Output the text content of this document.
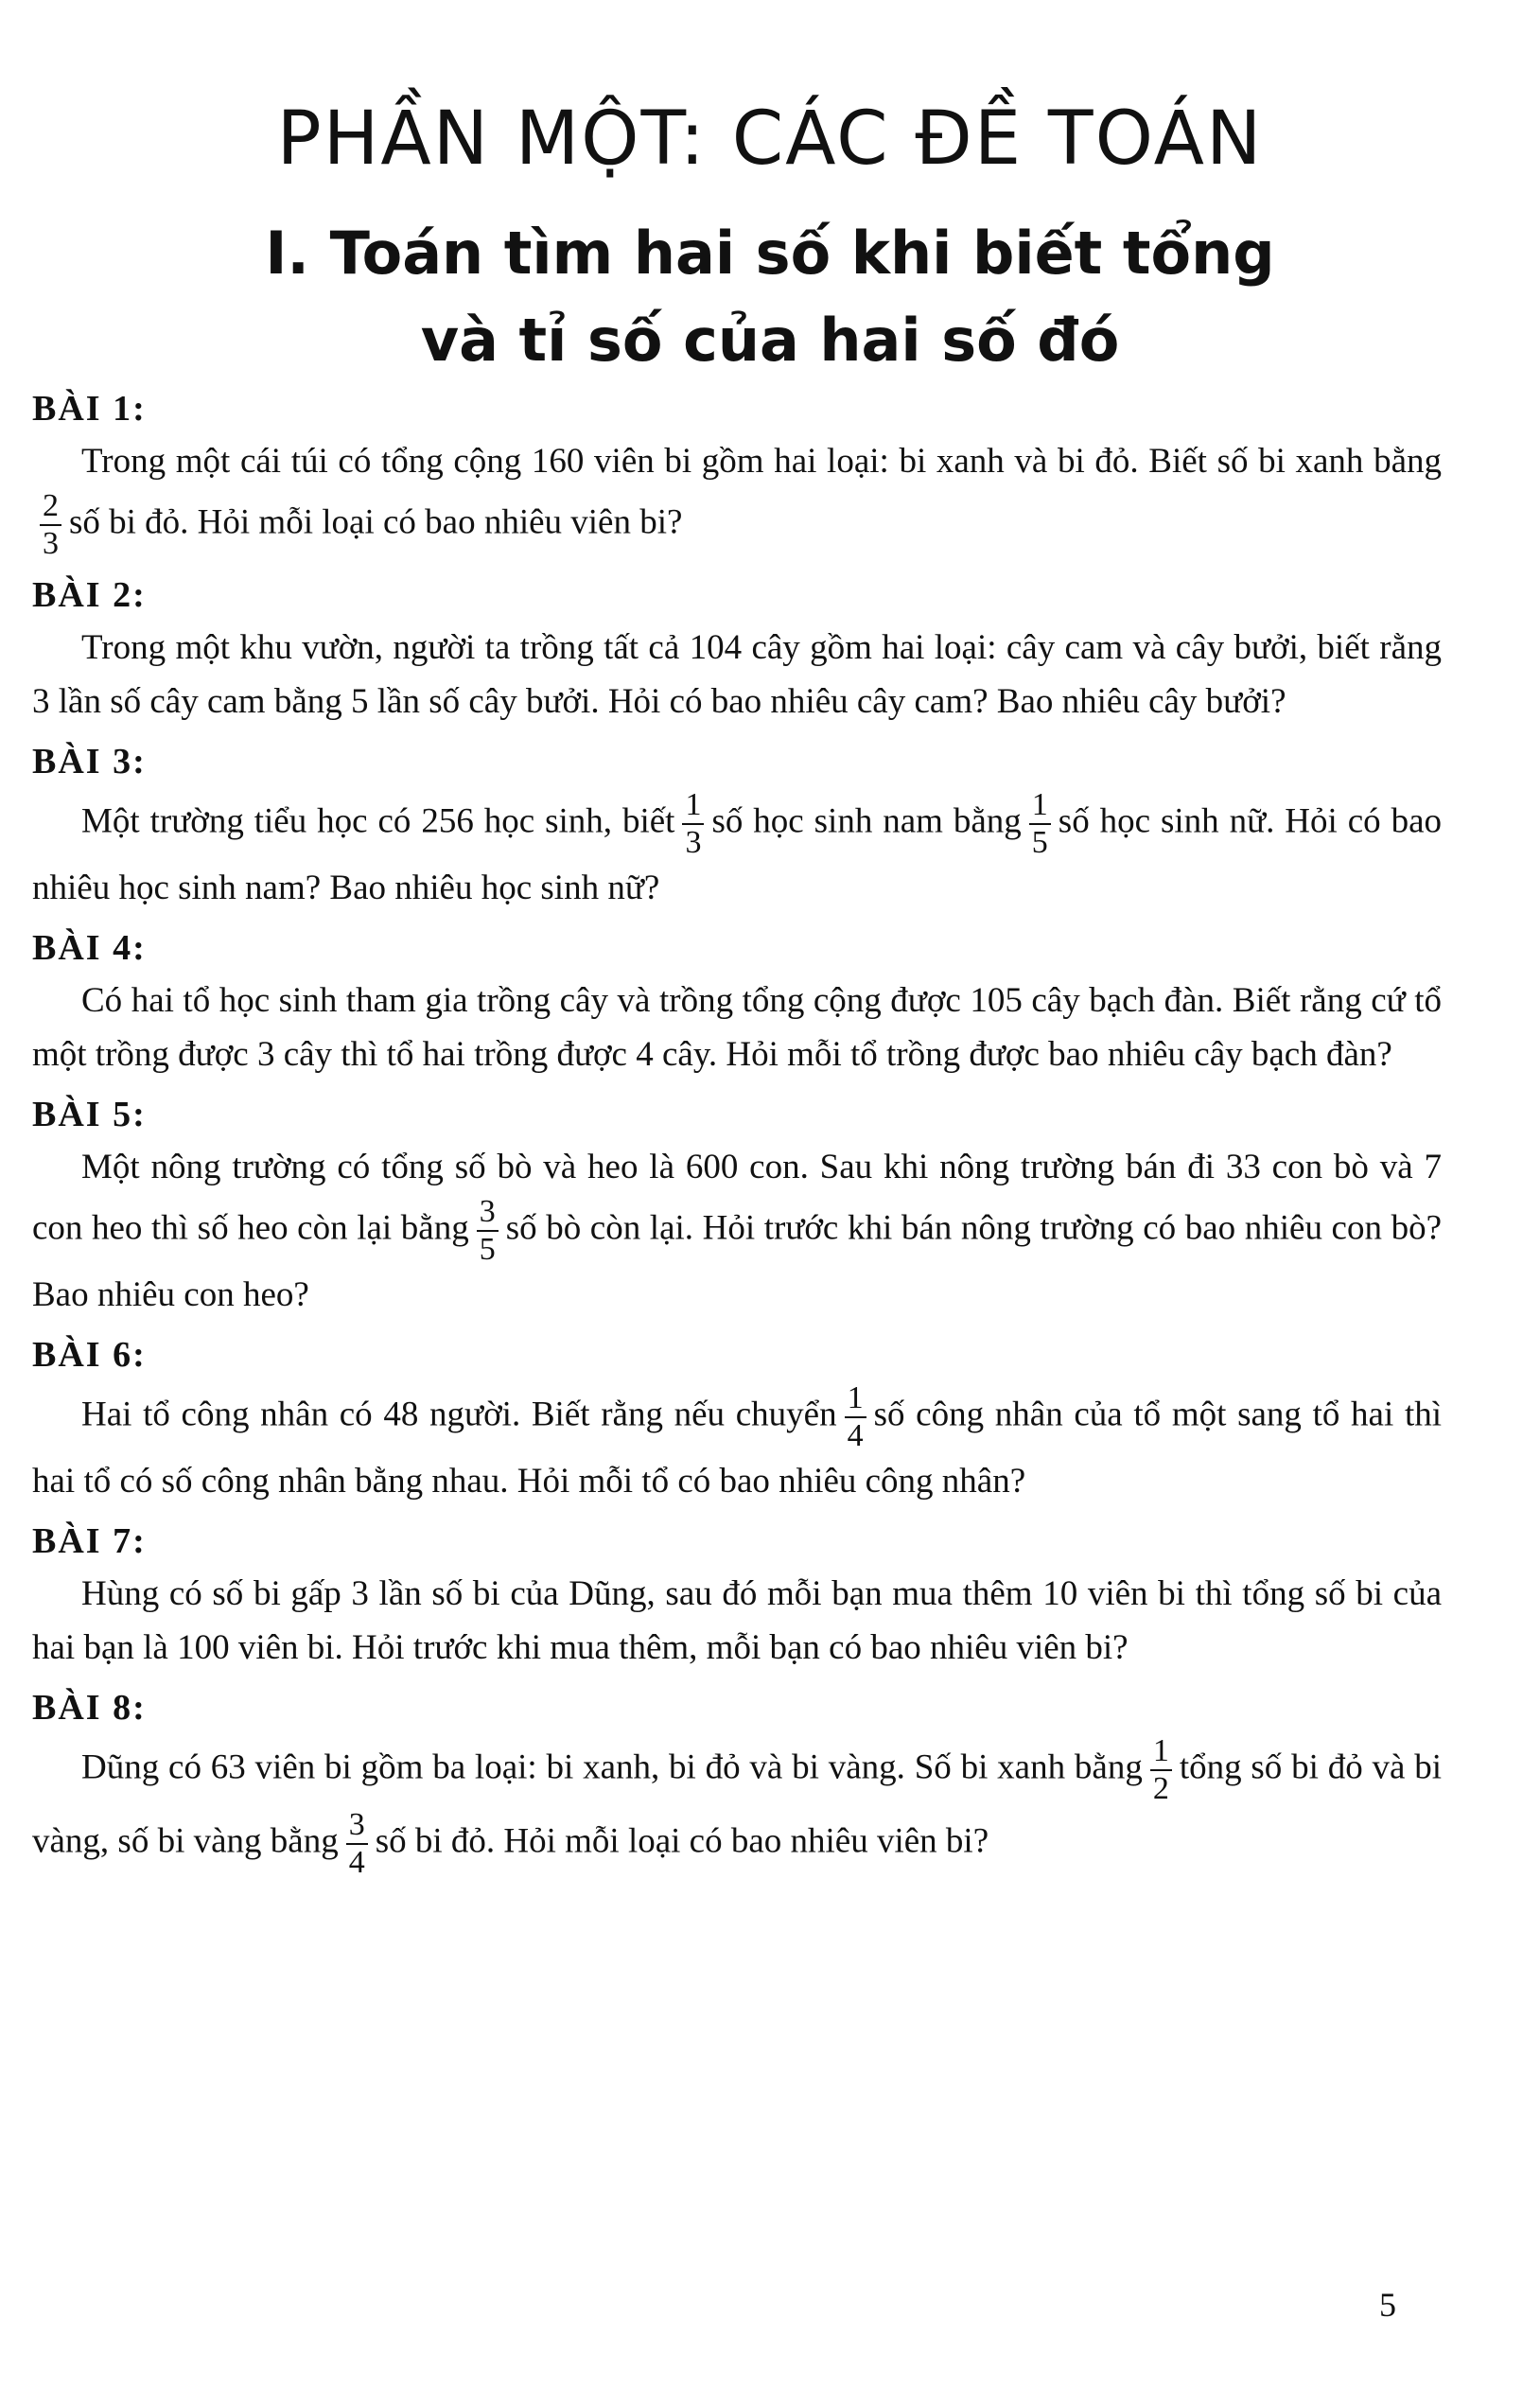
PHẦN MỘT: CÁC ĐỀ TOÁN
I. Toán tìm hai số khi biết tổng
và tỉ số của hai số đó

BÀI 1:

Trong một cái túi có tổng cộng 160 viên bi gồm hai loại: bi xanh và bi đỏ. Biết số bi xanh bằng
$\frac{2}{3}$ số bi đỏ. Hỏi mỗi loại có bao nhiêu viên bi?

BÀI 2:

Trong một khu vườn, người ta trồng tất cả 104 cây gồm hai loại: cây cam và cây bưởi, biết rằng 3 lần số cây cam bằng 5 lần số cây bưởi. Hỏi có bao nhiêu cây cam? Bao nhiêu cây bưởi?

BÀI 3:

Một trường tiểu học có 256 học sinh, biết $\frac{1}{3}$ số học sinh nam bằng $\frac{1}{5}$ số học sinh nữ. Hỏi có bao nhiêu học sinh nam? Bao nhiêu học sinh nữ?

BÀI 4:

Có hai tổ học sinh tham gia trồng cây và trồng tổng cộng được 105 cây bạch đàn. Biết rằng cứ tổ một trồng được 3 cây thì tổ hai trồng được 4 cây. Hỏi mỗi tổ trồng được bao nhiêu cây bạch đàn?

BÀI 5:

Một nông trường có tổng số bò và heo là 600 con. Sau khi nông trường bán đi 33 con bò và 7 con heo thì số heo còn lại bằng $\frac{3}{5}$ số bò còn lại. Hỏi trước khi bán nông trường có bao nhiêu con bò? Bao nhiêu con heo?

BÀI 6:

Hai tổ công nhân có 48 người. Biết rằng nếu chuyển $\frac{1}{4}$ số công nhân của tổ một sang tổ hai thì hai tổ có số công nhân bằng nhau. Hỏi mỗi tổ có bao nhiêu công nhân?

BÀI 7:

Hùng có số bi gấp 3 lần số bi của Dũng, sau đó mỗi bạn mua thêm 10 viên bi thì tổng số bi của hai bạn là 100 viên bi. Hỏi trước khi mua thêm, mỗi bạn có bao nhiêu viên bi?

BÀI 8:

Dũng có 63 viên bi gồm ba loại: bi xanh, bi đỏ và bi vàng. Số bi xanh bằng $\frac{1}{2}$ tổng số bi đỏ và bi vàng, số bi vàng bằng $\frac{3}{4}$ số bi đỏ. Hỏi mỗi loại có bao nhiêu viên bi?

5
